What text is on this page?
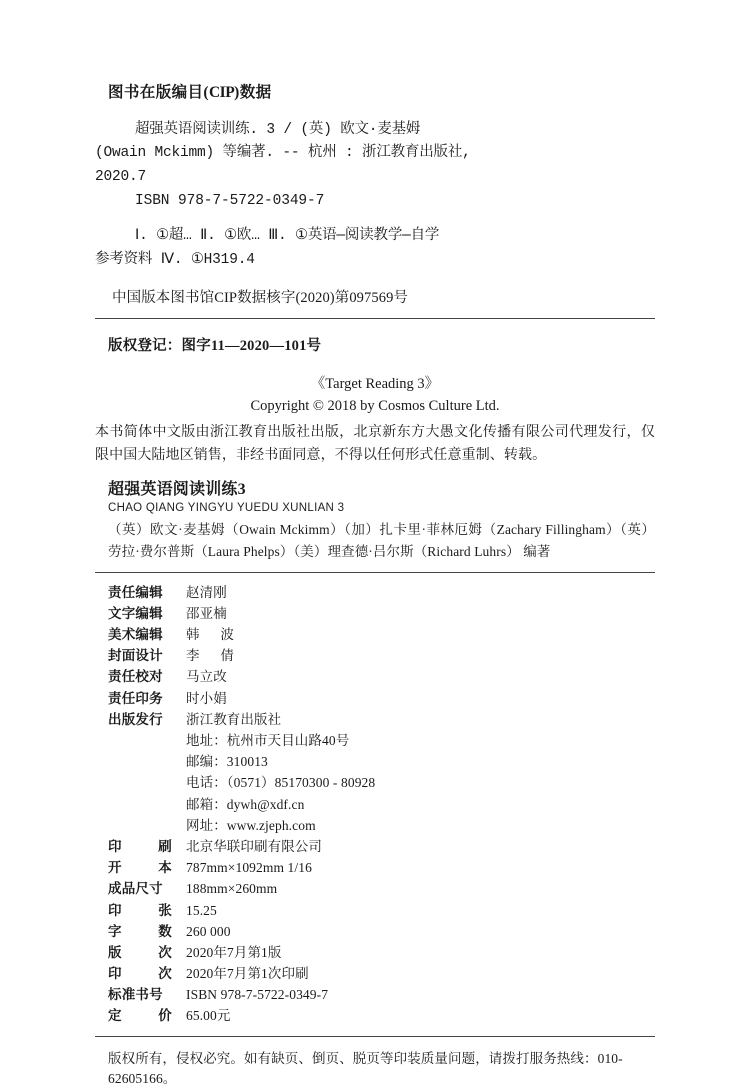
图书在版编目(CIP)数据
超强英语阅读训练. 3 / (英) 欧文·麦基姆
(Owain Mckimm) 等编著. -- 杭州 : 浙江教育出版社,
2020.7
ISBN 978-7-5722-0349-7
Ⅰ. ①超… Ⅱ. ①欧… Ⅲ. ①英语—阅读教学—自学
参考资料 Ⅳ. ①H319.4
中国版本图书馆CIP数据核字(2020)第097569号
版权登记：图字11—2020—101号
《Target Reading 3》
Copyright © 2018 by Cosmos Culture Ltd.
本书简体中文版由浙江教育出版社出版，北京新东方大愚文化传播有限公司代理发行，仅限中国大陆地区销售，非经书面同意，不得以任何形式任意重制、转载。
超强英语阅读训练3
CHAO QIANG YINGYU YUEDU XUNLIAN 3
（英）欧文·麦基姆（Owain Mckimm）（加）扎卡里·菲林厄姆（Zachary Fillingham）（英）劳拉·费尔普斯（Laura Phelps）（美）理查德·吕尔斯（Richard Luhrs） 编著
责任编辑	赵清刚
文字编辑	邵亚楠
美术编辑	韩 波
封面设计	李 倩
责任校对	马立改
责任印务	时小娟
出版发行	浙江教育出版社
地址：杭州市天目山路40号
邮编：310013
电话：（0571）85170300 - 80928
邮箱：dywh@xdf.cn
网址：www.zjeph.com
印	刷	北京华联印刷有限公司
开	本	787mm×1092mm 1/16
成品尺寸	188mm×260mm
印	张	15.25
字	数	260 000
版	次	2020年7月第1版
印	次	2020年7月第1次印刷
标准书号	ISBN 978-7-5722-0349-7
定	价	65.00元
版权所有，侵权必究。如有缺页、倒页、脱页等印装质量问题，请拨打服务热线：010-62605166。
